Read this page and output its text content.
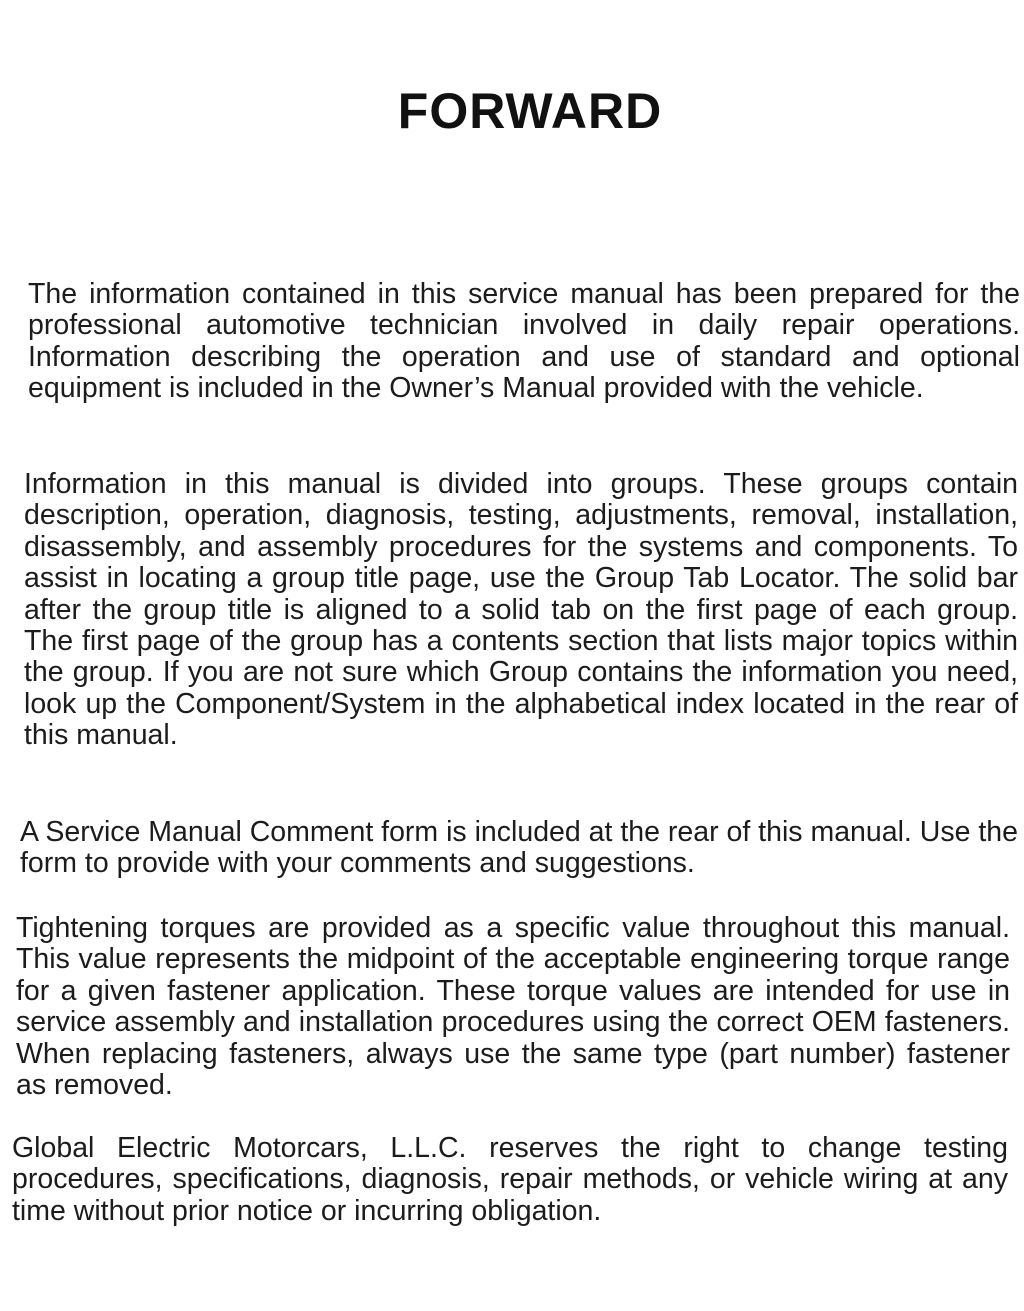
FORWARD

The information contained in this service manual has been prepared for the professional automotive technician involved in daily repair operations. Information describing the operation and use of standard and optional equipment is included in the Owner’s Manual provided with the vehicle.

Information in this manual is divided into groups. These groups contain description, operation, diagnosis, testing, adjustments, removal, installation, disassembly, and assembly procedures for the systems and components. To assist in locating a group title page, use the Group Tab Locator. The solid bar after the group title is aligned to a solid tab on the first page of each group. The first page of the group has a contents section that lists major topics within the group. If you are not sure which Group contains the information you need, look up the Component/System in the alphabetical index located in the rear of this manual.

A Service Manual Comment form is included at the rear of this manual. Use the form to provide with your comments and suggestions.

Tightening torques are provided as a specific value throughout this manual. This value represents the midpoint of the acceptable engineering torque range for a given fastener application. These torque values are intended for use in service assembly and installation procedures using the correct OEM fasteners. When replacing fasteners, always use the same type (part number) fastener as removed.

Global Electric Motorcars, L.L.C. reserves the right to change testing procedures, specifications, diagnosis, repair methods, or vehicle wiring at any time without prior notice or incurring obligation.
